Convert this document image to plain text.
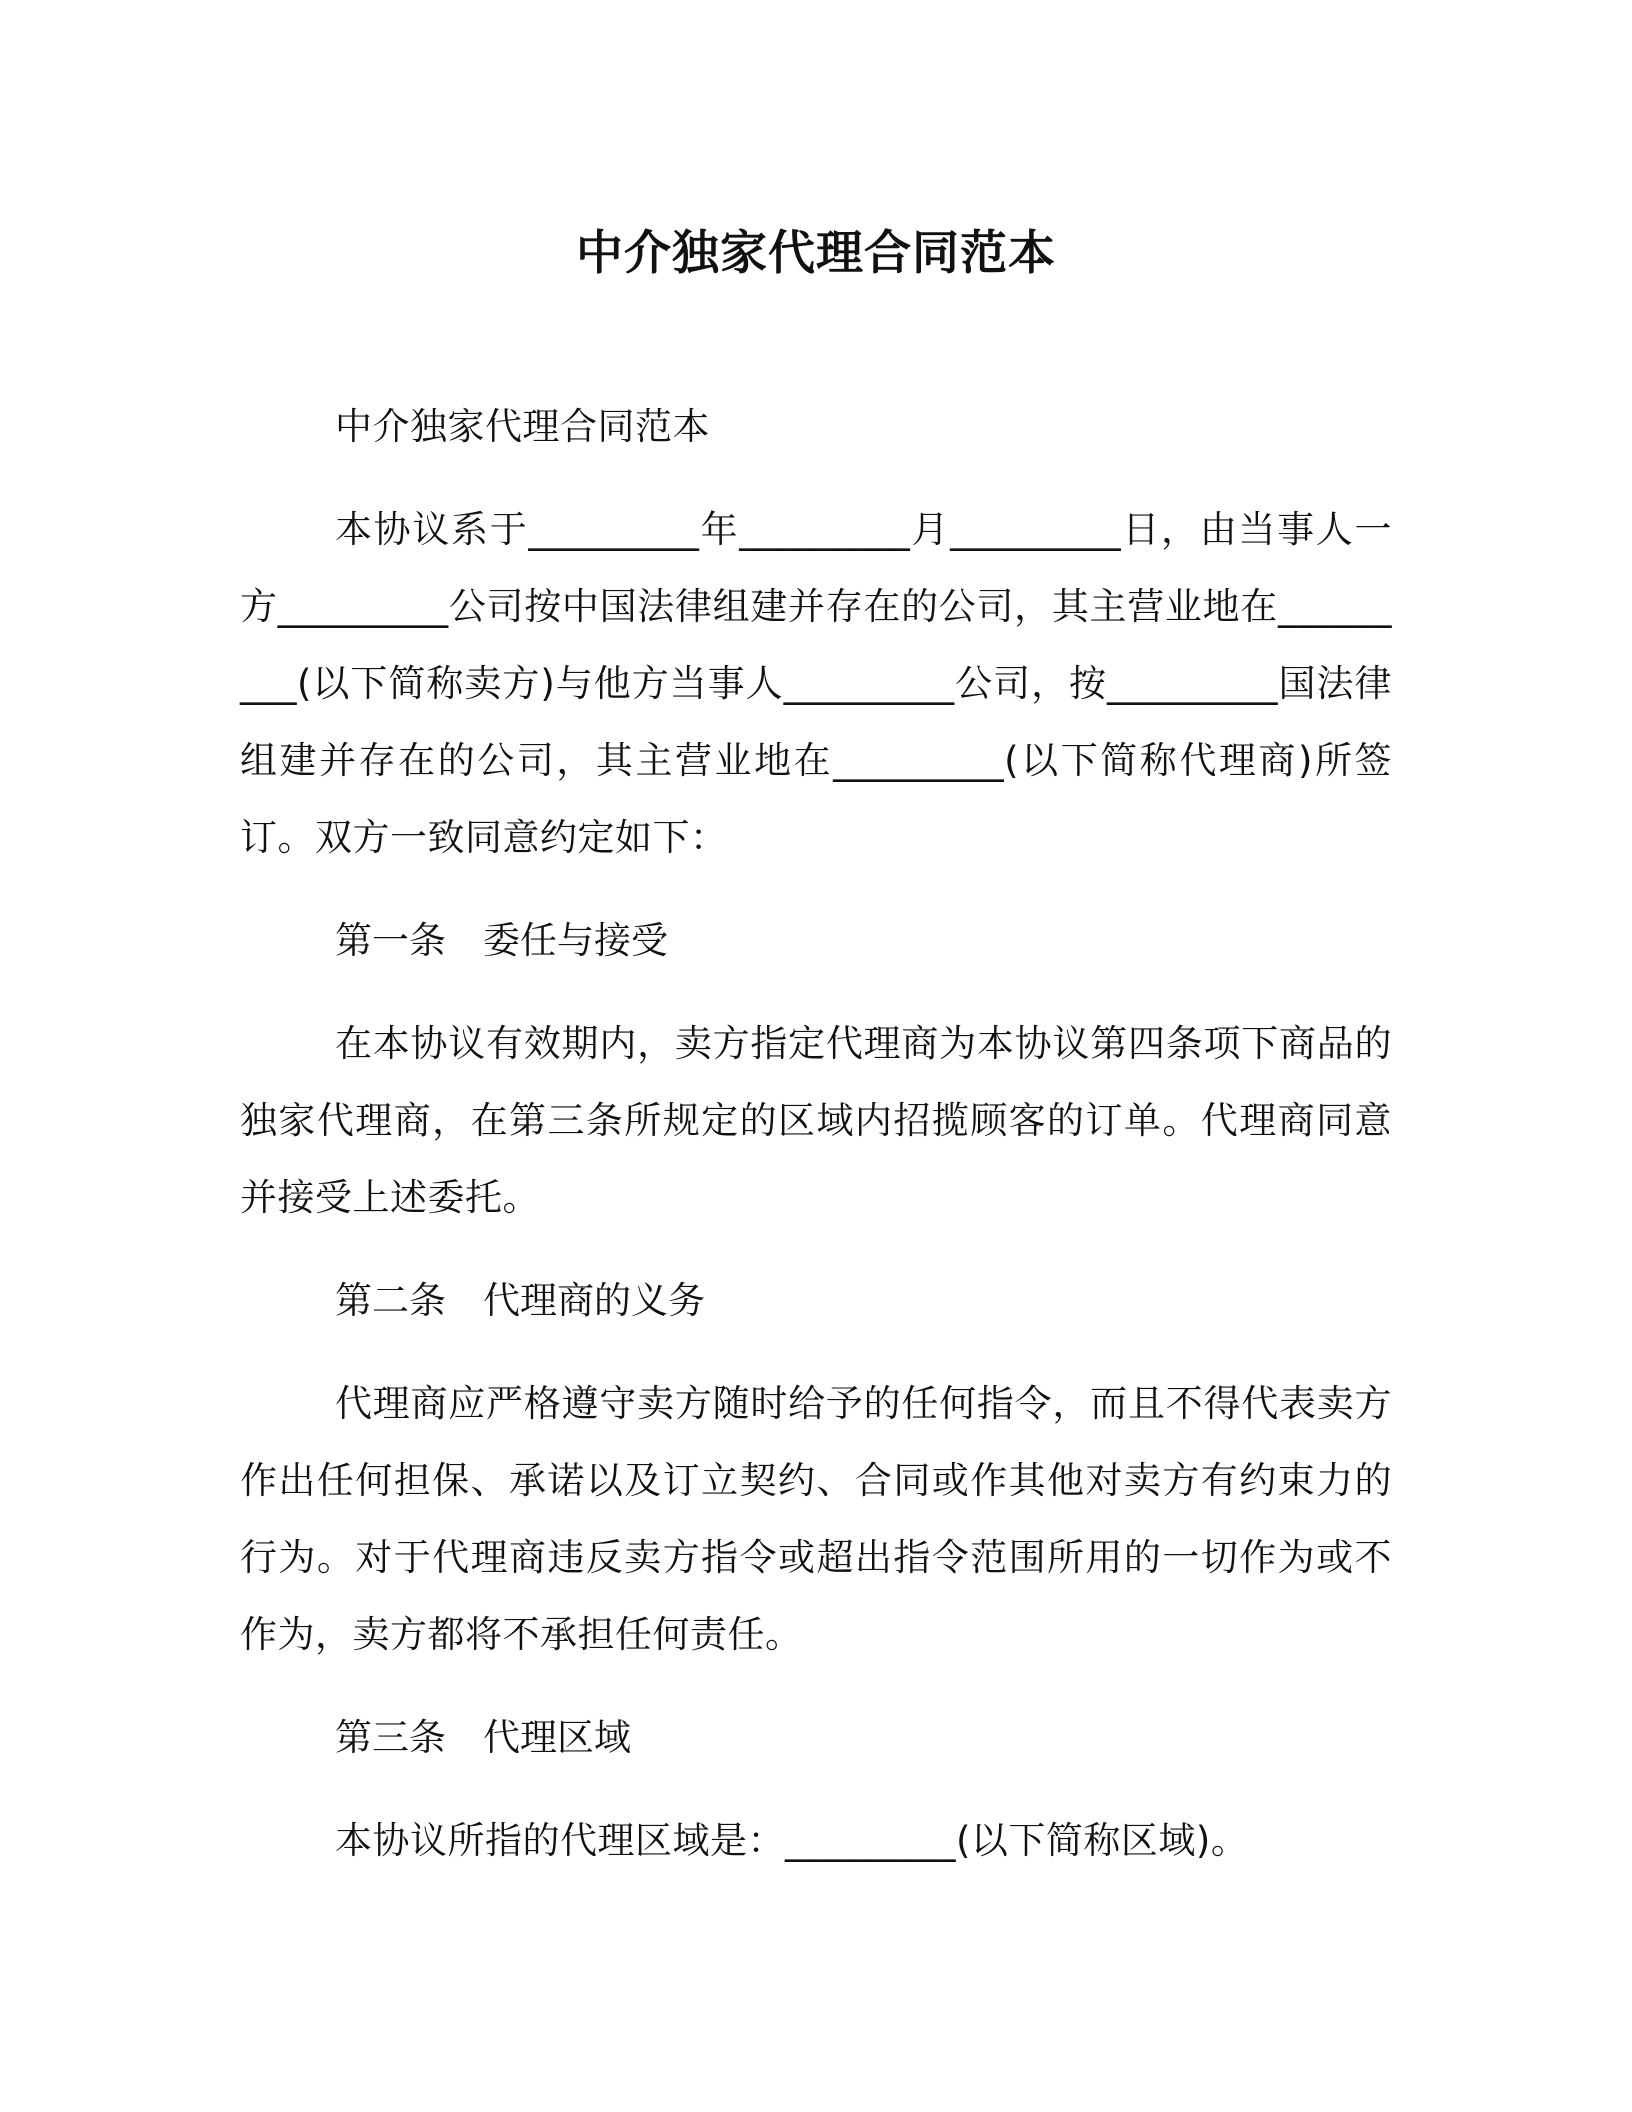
中介独家代理合同范本

中介独家代理合同范本

本协议系于_________年_________月_________日，由当事人一方_________公司按中国法律组建并存在的公司，其主营业地在_________(以下简称卖方)与他方当事人_________公司，按_________国法律组建并存在的公司，其主营业地在_________(以下简称代理商)所签订。双方一致同意约定如下：

第一条　委任与接受

在本协议有效期内，卖方指定代理商为本协议第四条项下商品的独家代理商，在第三条所规定的区域内招揽顾客的订单。代理商同意并接受上述委托。

第二条　代理商的义务

代理商应严格遵守卖方随时给予的任何指令，而且不得代表卖方作出任何担保、承诺以及订立契约、合同或作其他对卖方有约束力的行为。对于代理商违反卖方指令或超出指令范围所用的一切作为或不作为，卖方都将不承担任何责任。

第三条　代理区域

本协议所指的代理区域是：_________(以下简称区域)。
